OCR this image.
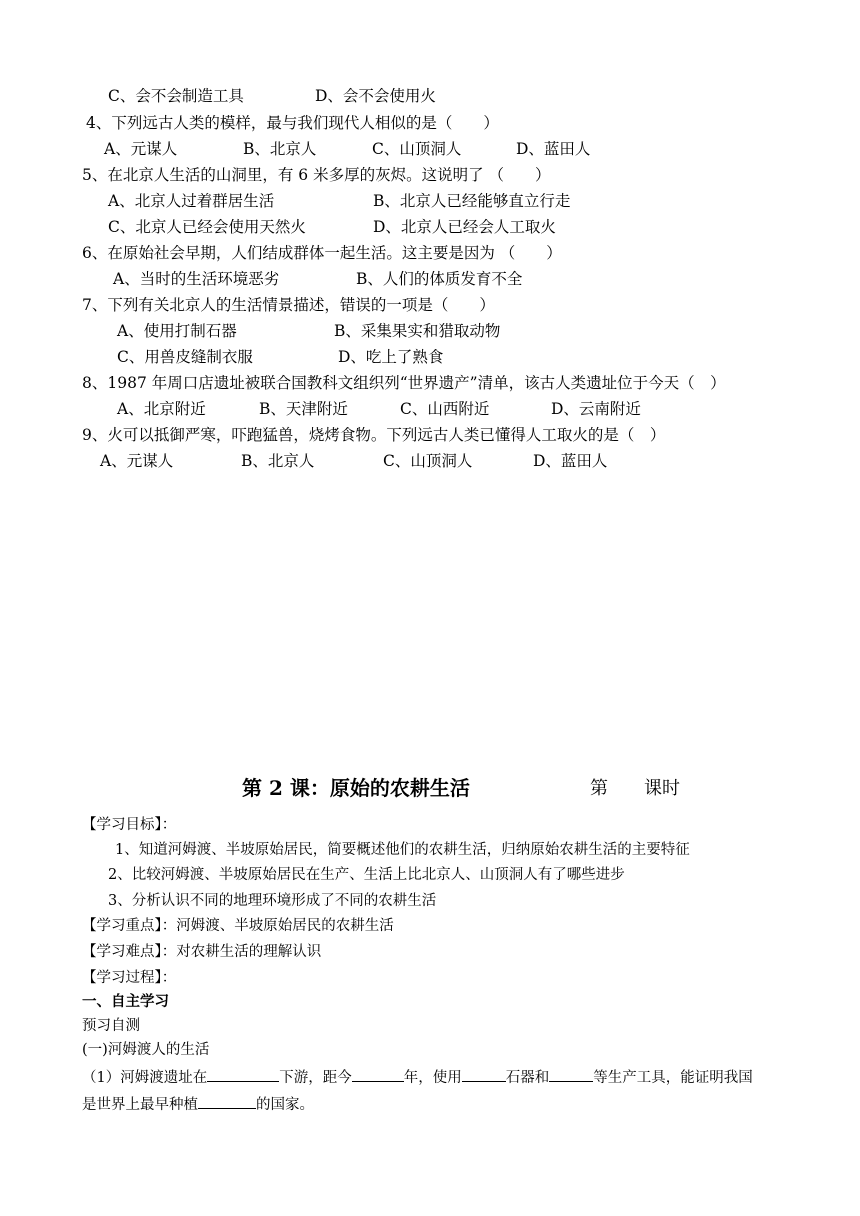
C、会不会制造工具	D、会不会使用火
4、下列远古人类的模样，最与我们现代人相似的是（　　）
A、元谋人	B、北京人	C、山顶洞人	D、蓝田人
5、在北京人生活的山洞里，有 6 米多厚的灰烬。这说明了 （　　）
A、北京人过着群居生活	B、北京人已经能够直立行走
C、北京人已经会使用天然火	D、北京人已经会人工取火
6、在原始社会早期，人们结成群体一起生活。这主要是因为 （　　）
A、当时的生活环境恶劣	B、人们的体质发育不全
7、下列有关北京人的生活情景描述，错误的一项是（　　）
A、使用打制石器	B、采集果实和猎取动物
C、用兽皮缝制衣服	D、吃上了熟食
8、1987 年周口店遗址被联合国教科文组织列“世界遗产”清单，该古人类遗址位于今天（　）
A、北京附近	B、天津附近	C、山西附近	D、云南附近
9、火可以抵御严寒，吓跑猛兽，烧烤食物。下列远古人类已懂得人工取火的是（　）
A、元谋人	B、北京人	C、山顶洞人	D、蓝田人
第 2 课：原始的农耕生活	第　　课时
【学习目标】：
1、知道河姆渡、半坡原始居民，简要概述他们的农耕生活，归纳原始农耕生活的主要特征
2、比较河姆渡、半坡原始居民在生产、生活上比北京人、山顶洞人有了哪些进步
3、分析认识不同的地理环境形成了不同的农耕生活
【学习重点】：河姆渡、半坡原始居民的农耕生活
【学习难点】：对农耕生活的理解认识
【学习过程】：
一、自主学习
预习自测
(一)河姆渡人的生活
（1）河姆渡遗址在	下游，距今	年，使用	石器和	等生产工具，能证明我国
是世界上最早种植	的国家。
